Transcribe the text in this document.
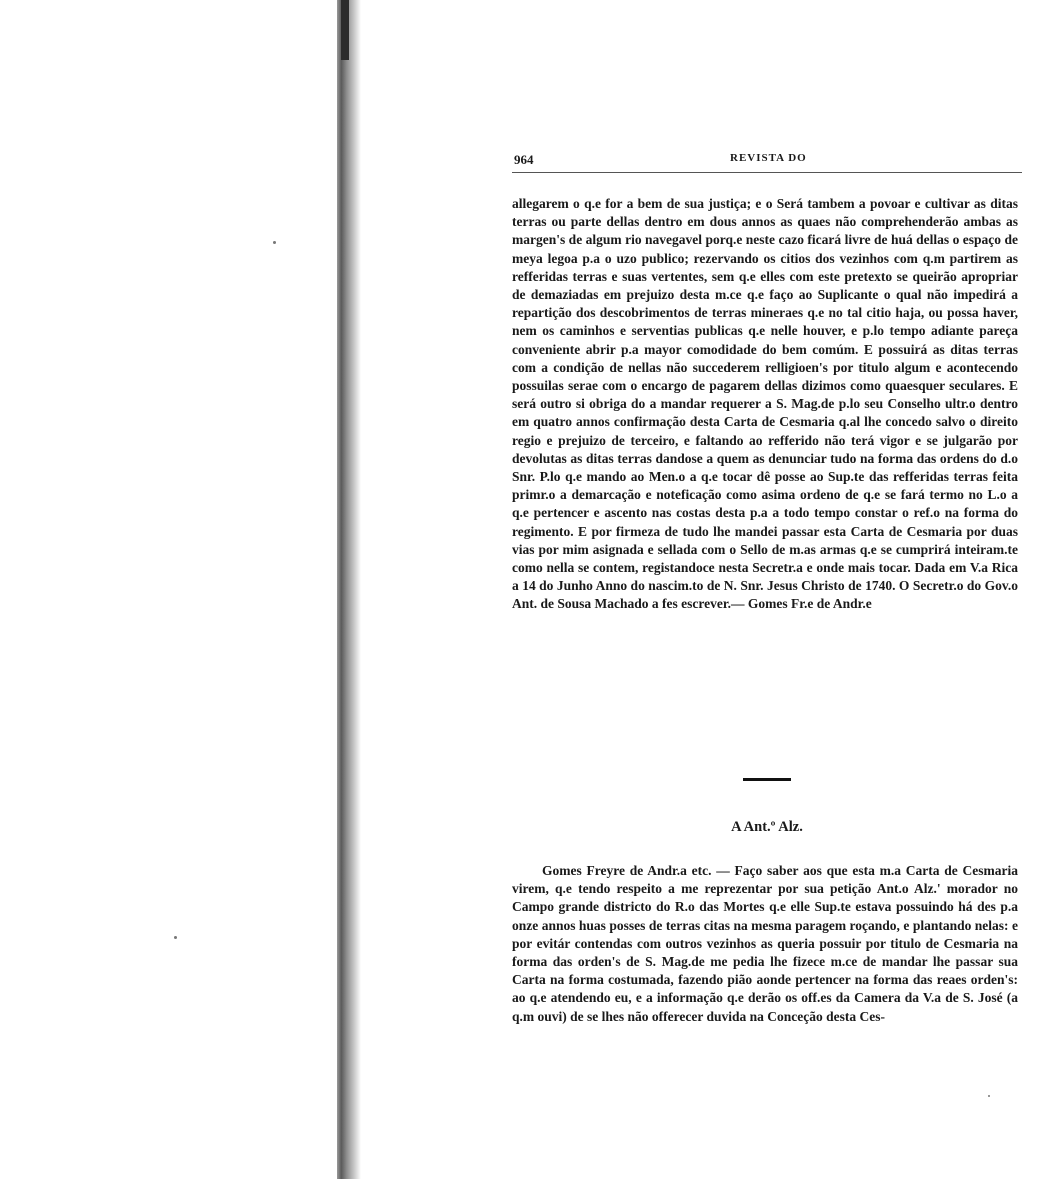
964	REVISTA DO

allegarem o q.e for a bem de sua justiça; e o Será tambem a povoar e cultivar as ditas terras ou parte dellas dentro em dous annos as quaes não comprehenderão ambas as margen's de algum rio navegavel porq.e neste cazo ficará livre de huá dellas o espaço de meya legoa p.a o uzo publico; rezervando os citios dos vezinhos com q.m partirem as refferidas terras e suas vertentes, sem q.e elles com este pretexto se queirão apropriar de demaziadas em prejuizo desta m.ce q.e faço ao Suplicante o qual não impedirá a repartição dos descobrimentos de terras mineraes q.e no tal citio haja, ou possa haver, nem os caminhos e serventias publicas q.e nelle houver, e p.lo tempo adiante pareça conveniente abrir p.a mayor comodidade do bem comúm. E possuirá as ditas terras com a condição de nellas não succederem relligioen's por titulo algum e acontecendo possuilas serae com o encargo de pagarem dellas dizimos como quaesquer seculares. E será outro si obriga do a mandar requerer a S. Mag.de p.lo seu Conselho ultr.o dentro em quatro annos confirmação desta Carta de Cesmaria q.al lhe concedo salvo o direito regio e prejuizo de terceiro, e faltando ao refferido não terá vigor e se julgarão por devolutas as ditas terras dandose a quem as denunciar tudo na forma das ordens do d.o Snr. P.lo q.e mando ao Men.o a q.e tocar dê posse ao Sup.te das refferidas terras feita primr.o a demarcação e noteficação como asima ordeno de q.e se fará termo no L.o a q.e pertencer e ascento nas costas desta p.a a todo tempo constar o ref.o na forma do regimento. E por firmeza de tudo lhe mandei passar esta Carta de Cesmaria por duas vias por mim asignada e sellada com o Sello de m.as armas q.e se cumprirá inteiram.te como nella se contem, registandoce nesta Secretr.a e onde mais tocar. Dada em V.a Rica a 14 do Junho Anno do nascim.to de N. Snr. Jesus Christo de 1740. O Secretr.o do Gov.o Ant. de Sousa Machado a fes escrever.— Gomes Fr.e de Andr.e

A Ant.º Alz.

Gomes Freyre de Andr.a etc. — Faço saber aos que esta m.a Carta de Cesmaria virem, q.e tendo respeito a me reprezentar por sua petição Ant.o Alz.' morador no Campo grande districto do R.o das Mortes q.e elle Sup.te estava possuindo há des p.a onze annos huas posses de terras citas na mesma paragem roçando, e plantando nelas: e por evitár contendas com outros vezinhos as queria possuir por titulo de Cesmaria na forma das orden's de S. Mag.de me pedia lhe fizece m.ce de mandar lhe passar sua Carta na forma costumada, fazendo pião aonde pertencer na forma das reaes orden's: ao q.e atendendo eu, e a informação q.e derão os off.es da Camera da V.a de S. José (a q.m ouvi) de se lhes não offerecer duvida na Conceção desta Ces-
